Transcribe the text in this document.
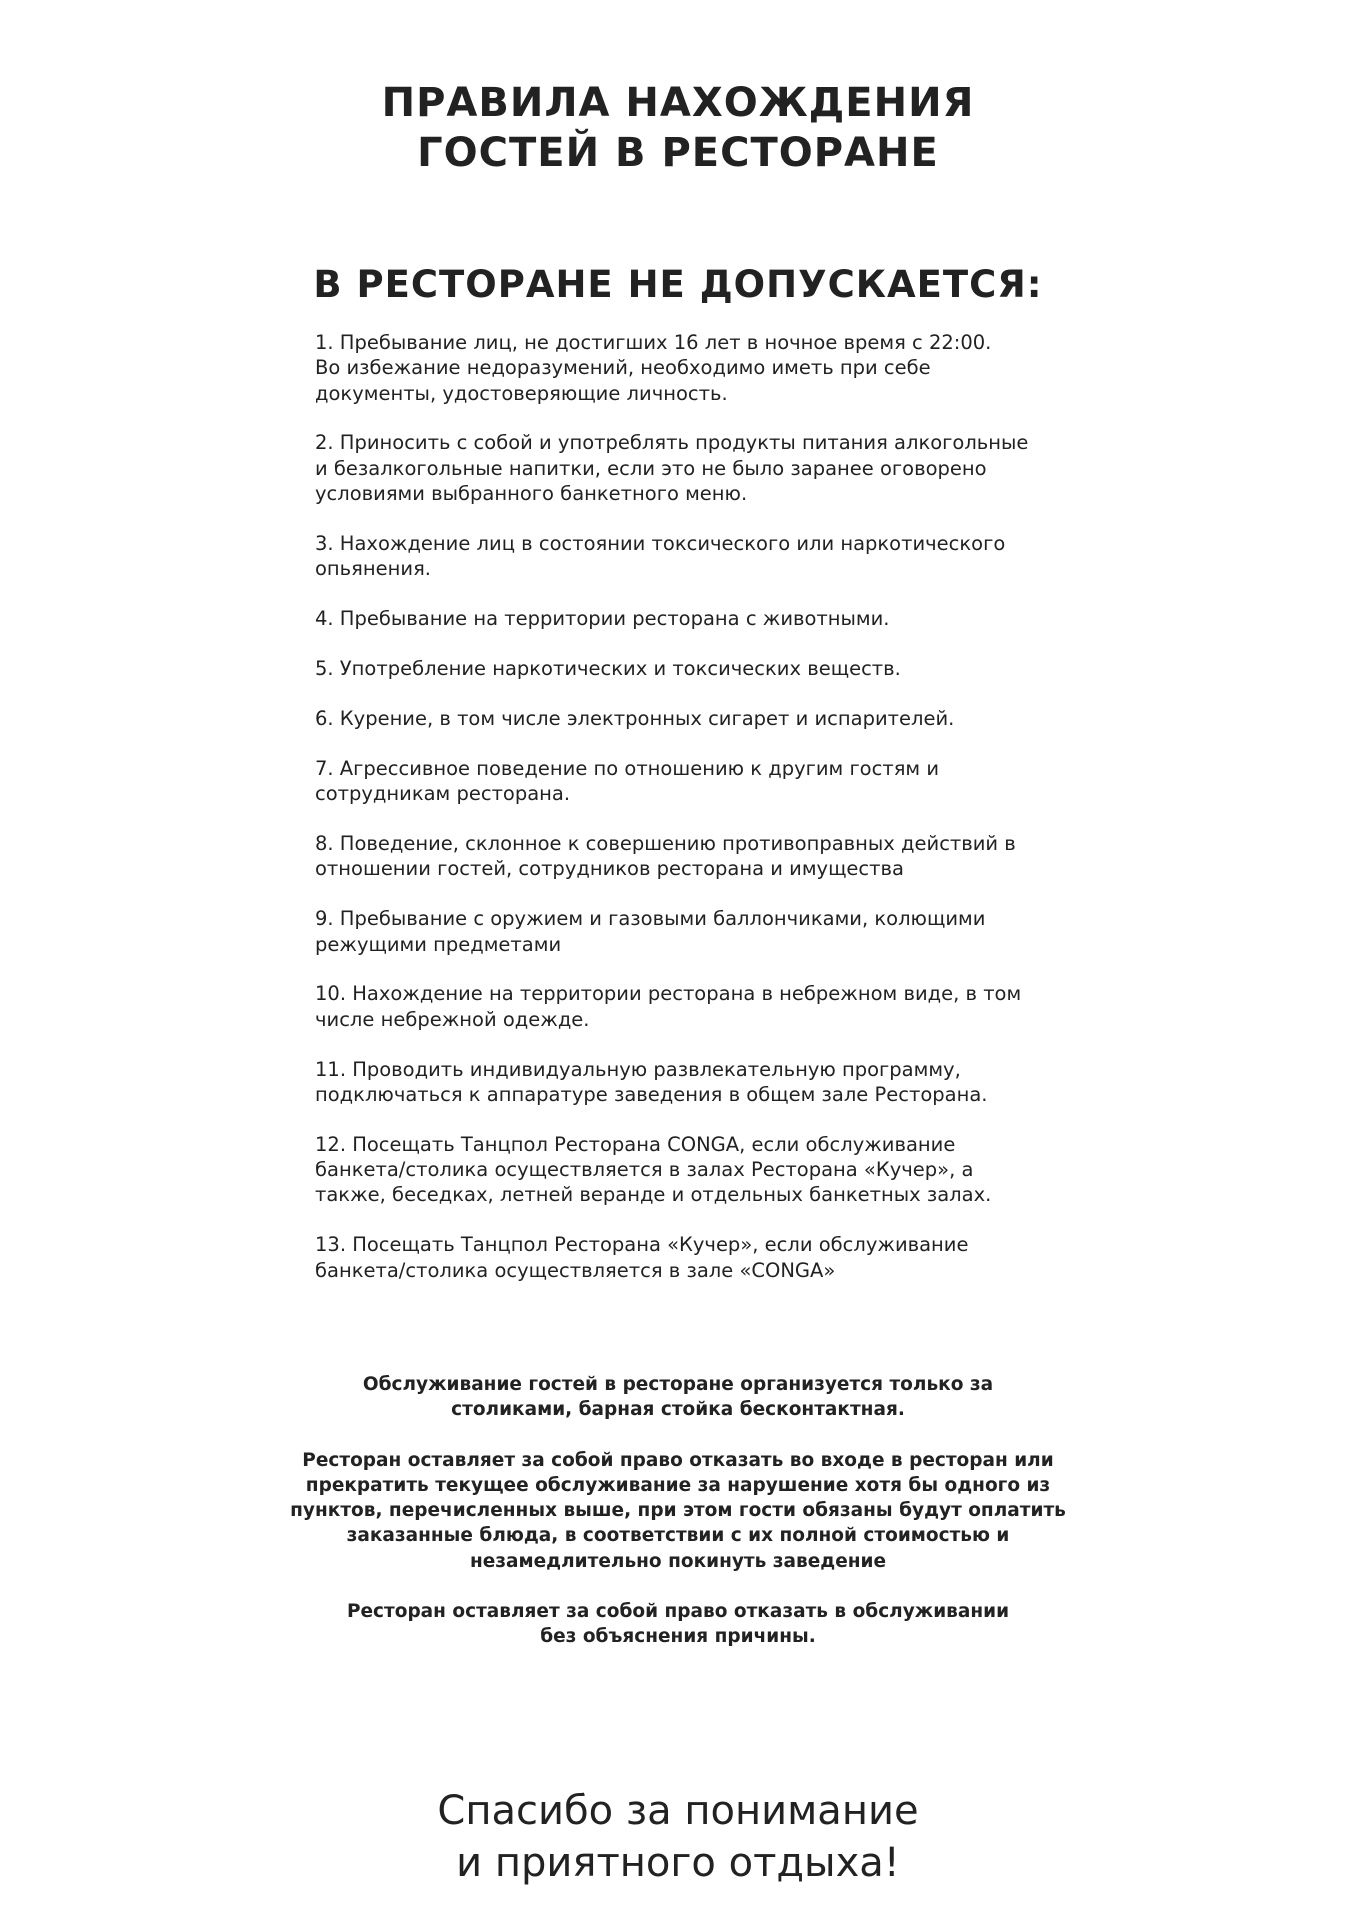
ПРАВИЛА НАХОЖДЕНИЯ
ГОСТЕЙ В РЕСТОРАНЕ
В РЕСТОРАНЕ НЕ ДОПУСКАЕТСЯ:
1. Пребывание лиц, не достигших 16 лет в ночное время с 22:00.
Во избежание недоразумений, необходимо иметь при себе
документы, удостоверяющие личность.
2. Приносить с собой и употреблять продукты питания алкогольные
и безалкогольные напитки, если это не было заранее оговорено
условиями выбранного банкетного меню.
3. Нахождение лиц в состоянии токсического или наркотического
опьянения.
4. Пребывание на территории ресторана с животными.
5. Употребление наркотических и токсических веществ.
6. Курение, в том числе электронных сигарет и испарителей.
7. Агрессивное поведение по отношению к другим гостям и
сотрудникам ресторана.
8. Поведение, склонное к совершению противоправных действий в
отношении гостей, сотрудников ресторана и имущества
9. Пребывание с оружием и газовыми баллончиками, колющими
режущими предметами
10. Нахождение на территории ресторана в небрежном виде, в том
числе небрежной одежде.
11. Проводить индивидуальную развлекательную программу,
подключаться к аппаратуре заведения в общем зале Ресторана.
12. Посещать Танцпол Ресторана CONGA, если обслуживание
банкета/столика осуществляется в залах Ресторана «Кучер», а
также, беседках, летней веранде и отдельных банкетных залах.
13. Посещать Танцпол Ресторана «Кучер», если обслуживание
банкета/столика осуществляется в зале «CONGA»

Обслуживание гостей в ресторане организуется только за
столиками, барная стойка бесконтактная.

Ресторан оставляет за собой право отказать во входе в ресторан или
прекратить текущее обслуживание за нарушение хотя бы одного из
пунктов, перечисленных выше, при этом гости обязаны будут оплатить
заказанные блюда, в соответствии с их полной стоимостью и
незамедлительно покинуть заведение

Ресторан оставляет за собой право отказать в обслуживании
без объяснения причины.

Спасибо за понимание
и приятного отдыха!
